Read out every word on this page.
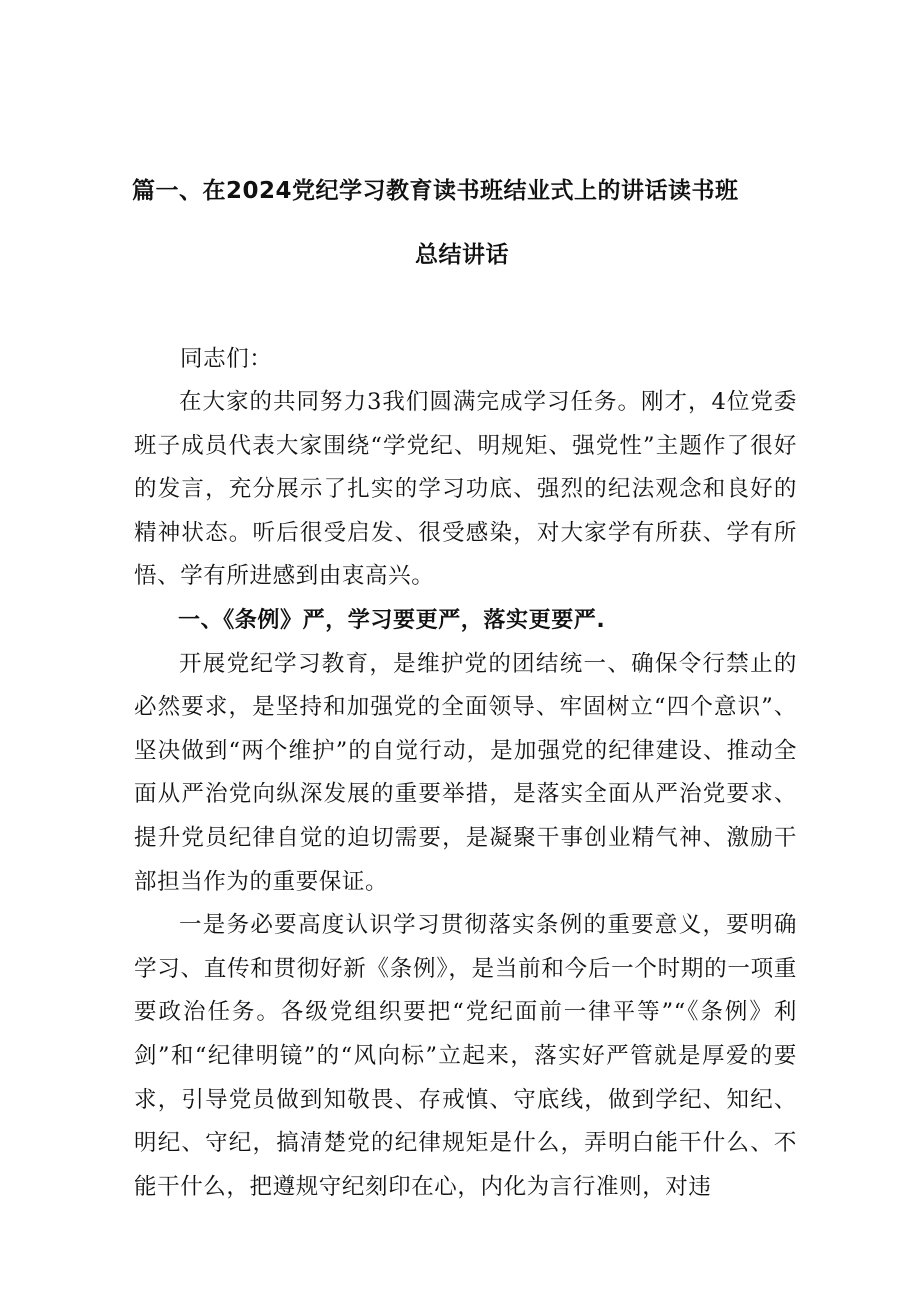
篇一、在2024党纪学习教育读书班结业式上的讲话读书班
总结讲话
同志们：

在大家的共同努力3我们圆满完成学习任务。刚才，4位党委班子成员代表大家围绕“学党纪、明规矩、强党性”主题作了很好的发言，充分展示了扎实的学习功底、强烈的纪法观念和良好的精神状态。听后很受启发、很受感染，对大家学有所获、学有所悟、学有所进感到由衷高兴。

一、《条例》严，学习要更严，落实更要严.

开展党纪学习教育，是维护党的团结统一、确保令行禁止的必然要求，是坚持和加强党的全面领导、牢固树立“四个意识”、坚决做到“两个维护”的自觉行动，是加强党的纪律建设、推动全面从严治党向纵深发展的重要举措，是落实全面从严治党要求、提升党员纪律自觉的迫切需要，是凝聚干事创业精气神、激励干部担当作为的重要保证。

一是务必要高度认识学习贯彻落实条例的重要意义，要明确学习、直传和贯彻好新《条例》，是当前和今后一个时期的一项重要政治任务。各级党组织要把“党纪面前一律平等”“《条例》利剑”和“纪律明镜”的“风向标”立起来，落实好严管就是厚爱的要求，引导党员做到知敬畏、存戒慎、守底线，做到学纪、知纪、明纪、守纪，搞清楚党的纪律规矩是什么，弄明白能干什么、不能干什么，把遵规守纪刻印在心，内化为言行准则，对违
